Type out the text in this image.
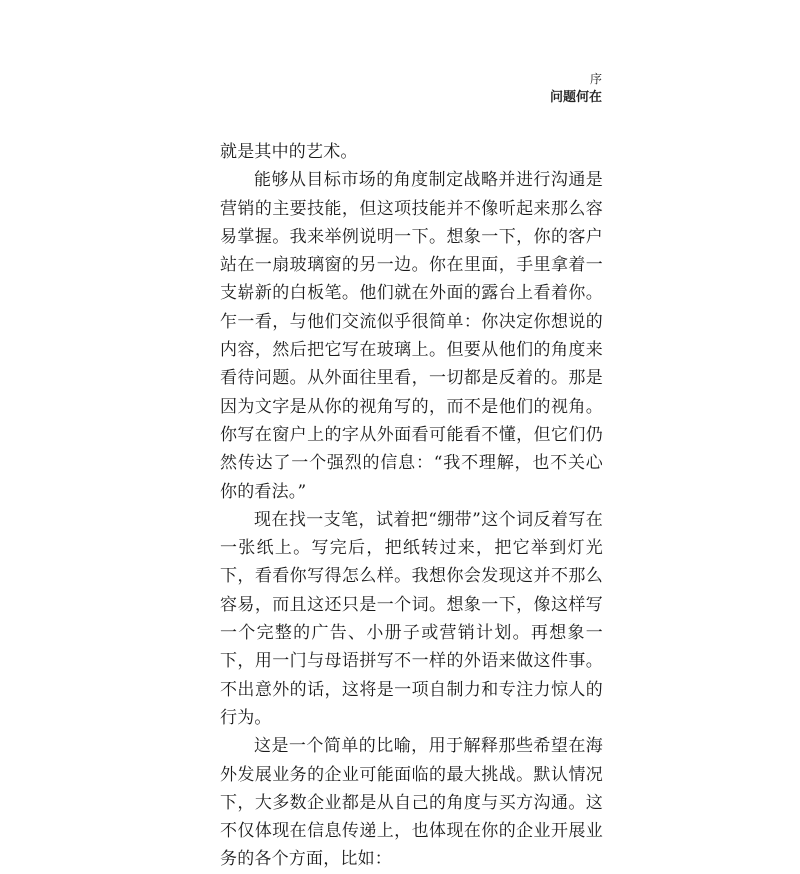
序
问题何在

就是其中的艺术。

能够从目标市场的角度制定战略并进行沟通是营销的主要技能，但这项技能并不像听起来那么容易掌握。我来举例说明一下。想象一下，你的客户站在一扇玻璃窗的另一边。你在里面，手里拿着一支崭新的白板笔。他们就在外面的露台上看着你。乍一看，与他们交流似乎很简单：你决定你想说的内容，然后把它写在玻璃上。但要从他们的角度来看待问题。从外面往里看，一切都是反着的。那是因为文字是从你的视角写的，而不是他们的视角。你写在窗户上的字从外面看可能看不懂，但它们仍然传达了一个强烈的信息：“我不理解，也不关心你的看法。”

现在找一支笔，试着把“绷带”这个词反着写在一张纸上。写完后，把纸转过来，把它举到灯光下，看看你写得怎么样。我想你会发现这并不那么容易，而且这还只是一个词。想象一下，像这样写一个完整的广告、小册子或营销计划。再想象一下，用一门与母语拼写不一样的外语来做这件事。不出意外的话，这将是一项自制力和专注力惊人的行为。

这是一个简单的比喻，用于解释那些希望在海外发展业务的企业可能面临的最大挑战。默认情况下，大多数企业都是从自己的角度与买方沟通。这不仅体现在信息传递上，也体现在你的企业开展业务的各个方面，比如：
